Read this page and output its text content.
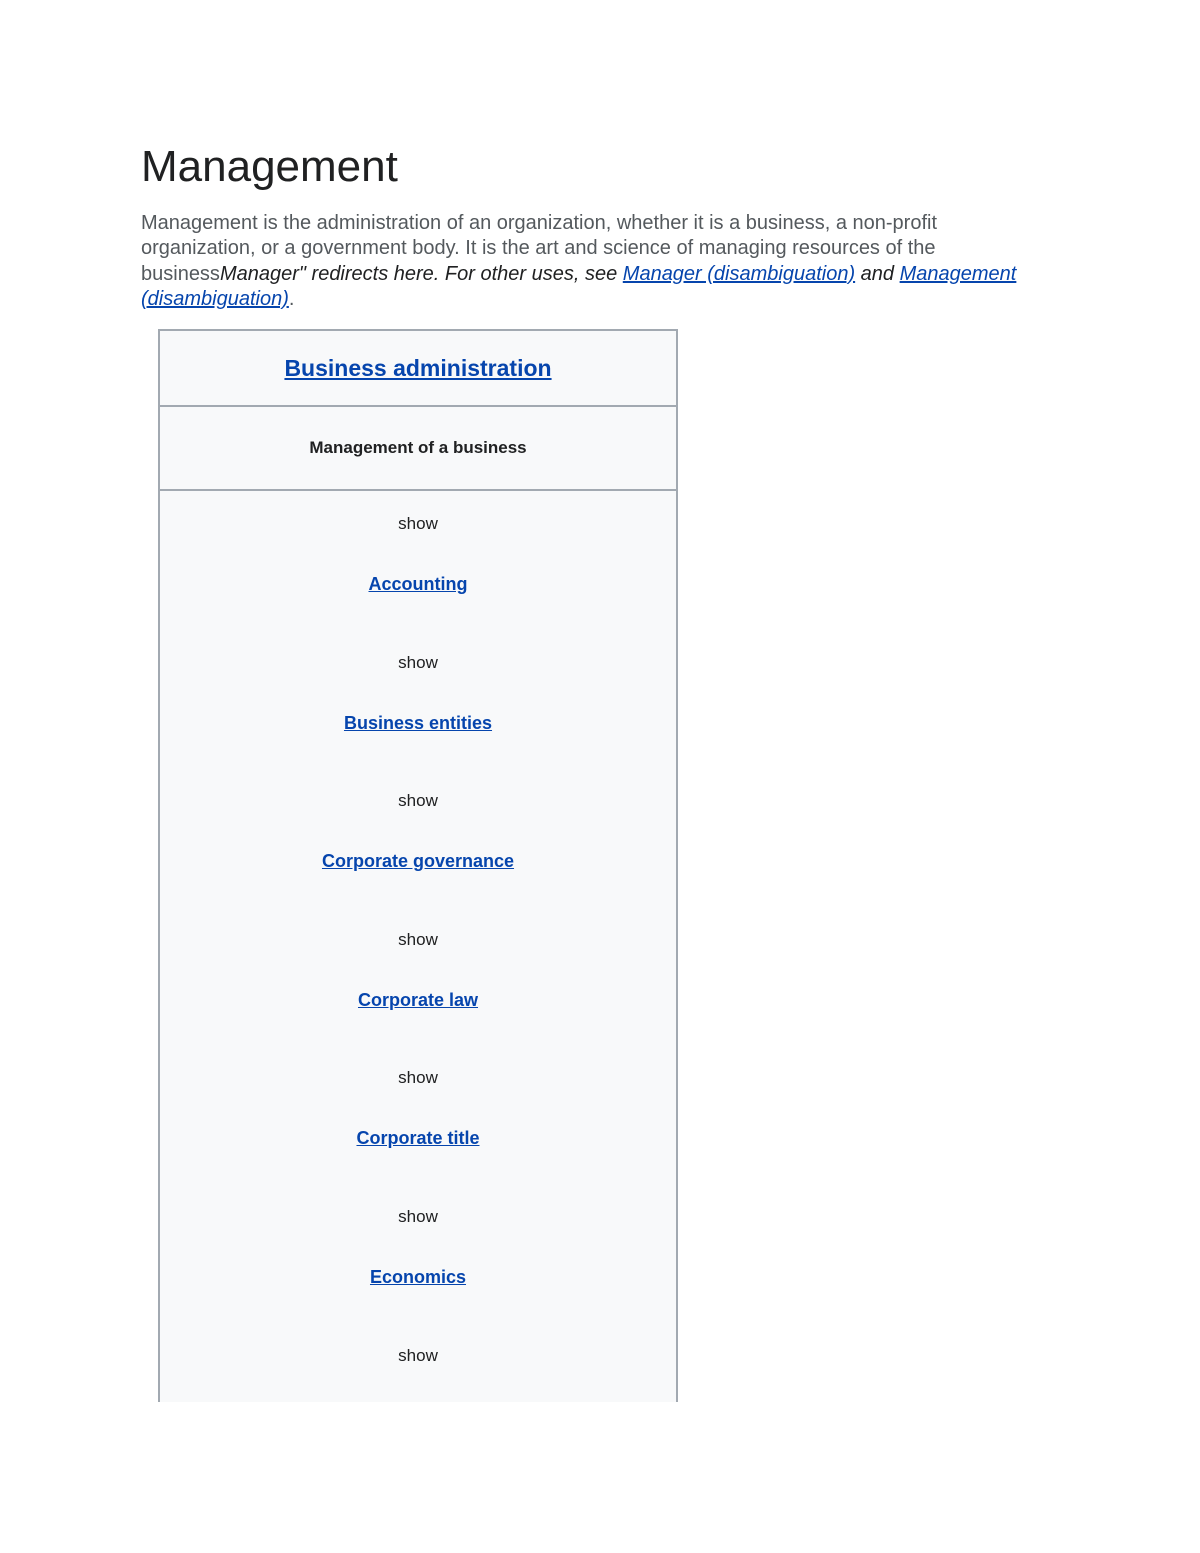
Management

Management is the administration of an organization, whether it is a business, a non-profit organization, or a government body. It is the art and science of managing resources of the businessManager" redirects here. For other uses, see Manager (disambiguation) and Management (disambiguation).

Business administration
Management of a business
show
Accounting
show
Business entities
show
Corporate governance
show
Corporate law
show
Corporate title
show
Economics
show
